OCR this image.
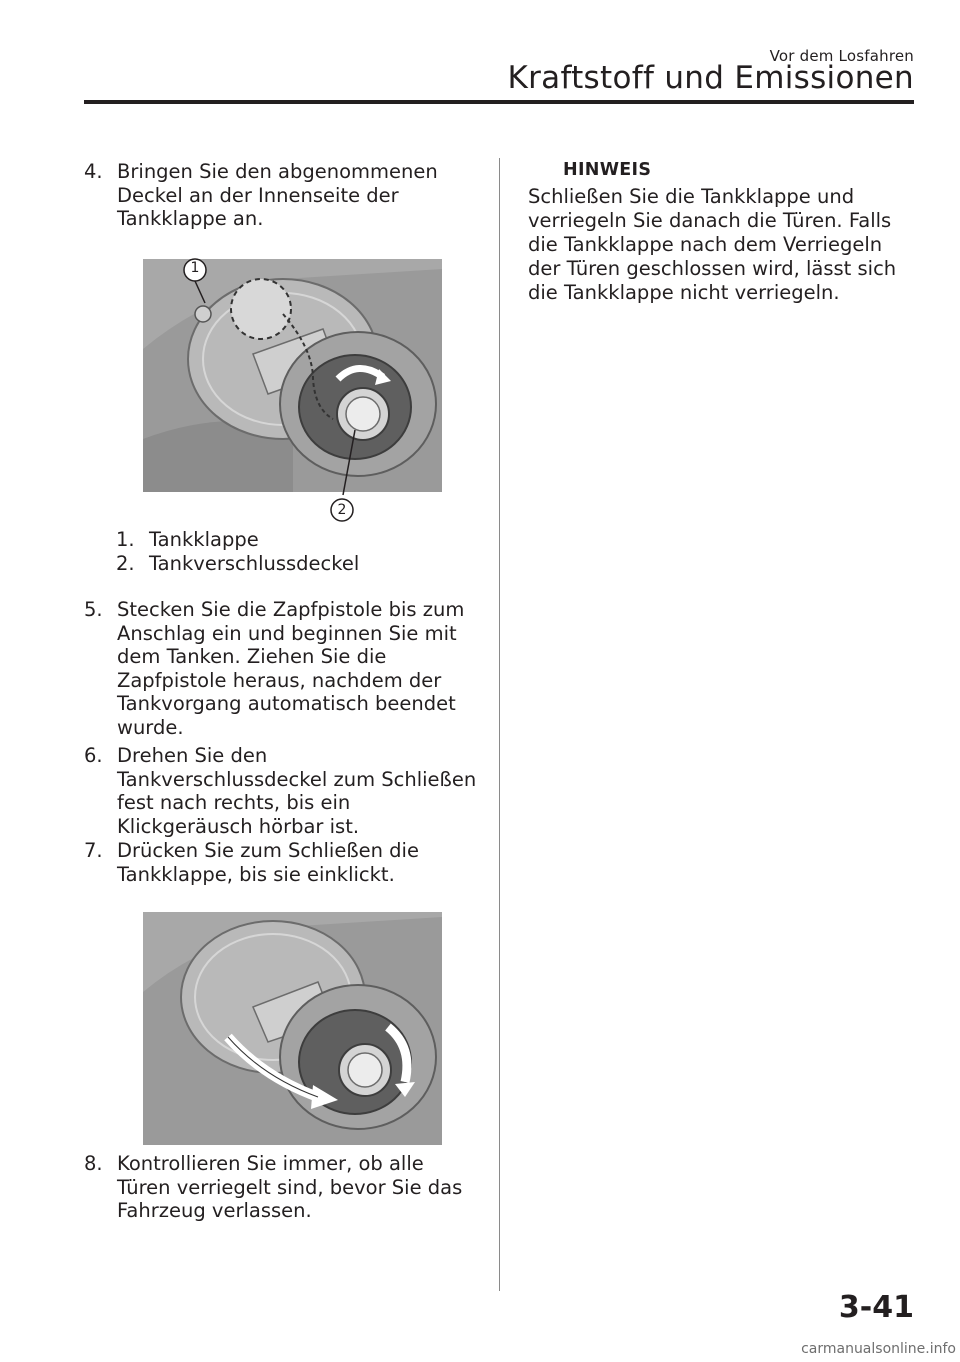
Vor dem Losfahren
Kraftstoff und Emissionen
4. Bringen Sie den abgenommenen Deckel an der Innenseite der Tankklappe an.
1
2
1. Tankklappe
2. Tankverschlussdeckel
5. Stecken Sie die Zapfpistole bis zum Anschlag ein und beginnen Sie mit dem Tanken. Ziehen Sie die Zapfpistole heraus, nachdem der Tankvorgang automatisch beendet wurde.
6. Drehen Sie den Tankverschlussdeckel zum Schließen fest nach rechts, bis ein Klickgeräusch hörbar ist.
7. Drücken Sie zum Schließen die Tankklappe, bis sie einklickt.
8. Kontrollieren Sie immer, ob alle Türen verriegelt sind, bevor Sie das Fahrzeug verlassen.
HINWEIS
Schließen Sie die Tankklappe und verriegeln Sie danach die Türen. Falls die Tankklappe nach dem Verriegeln der Türen geschlossen wird, lässt sich die Tankklappe nicht verriegeln.
3-41
carmanualsonline.info
